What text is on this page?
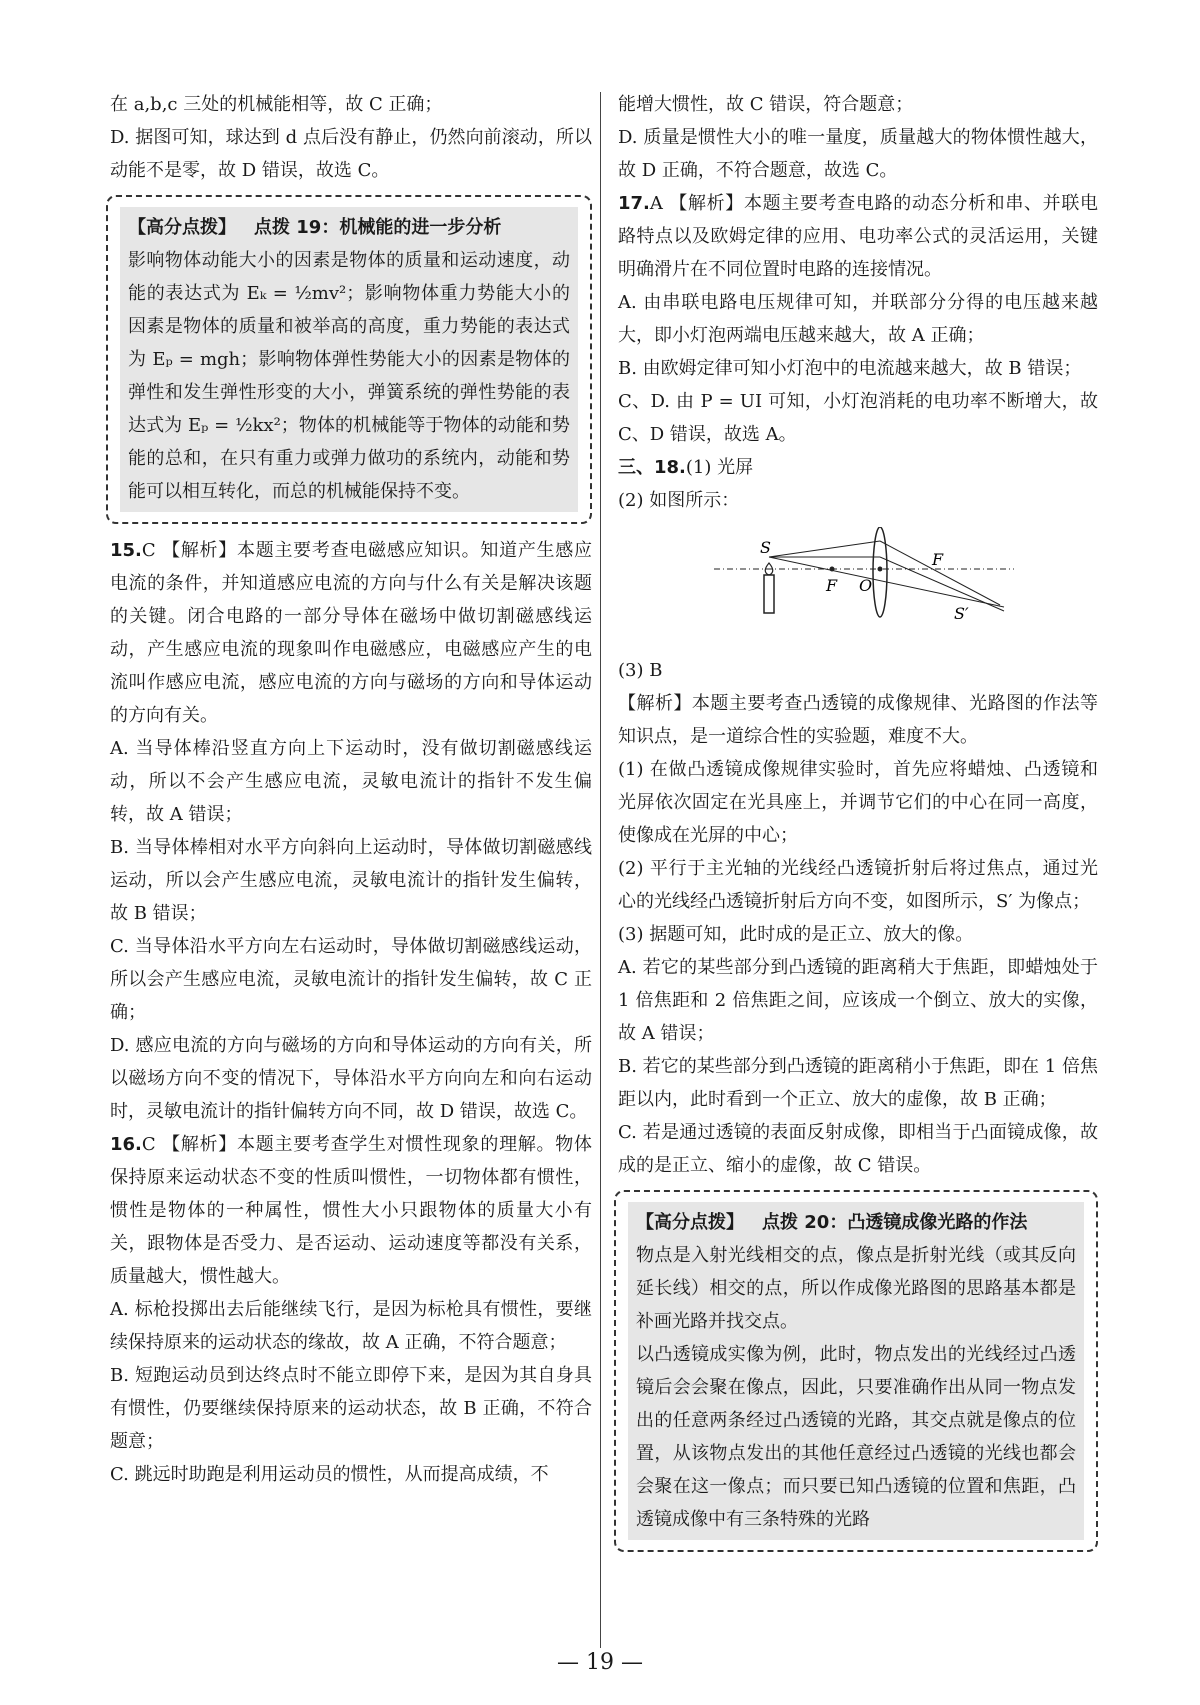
在 a,b,c 三处的机械能相等，故 C 正确；

D. 据图可知，球达到 d 点后没有静止，仍然向前滚动，所以动能不是零，故 D 错误，故选 C。

【高分点拨】 点拨 19：机械能的进一步分析

影响物体动能大小的因素是物体的质量和运动速度，动能的表达式为 Eₖ = ½mv²；影响物体重力势能大小的因素是物体的质量和被举高的高度，重力势能的表达式为 Eₚ = mgh；影响物体弹性势能大小的因素是物体的弹性和发生弹性形变的大小，弹簧系统的弹性势能的表达式为 Eₚ = ½kx²；物体的机械能等于物体的动能和势能的总和，在只有重力或弹力做功的系统内，动能和势能可以相互转化，而总的机械能保持不变。

15.C 【解析】本题主要考查电磁感应知识。知道产生感应电流的条件，并知道感应电流的方向与什么有关是解决该题的关键。闭合电路的一部分导体在磁场中做切割磁感线运动，产生感应电流的现象叫作电磁感应，电磁感应产生的电流叫作感应电流，感应电流的方向与磁场的方向和导体运动的方向有关。

A. 当导体棒沿竖直方向上下运动时，没有做切割磁感线运动，所以不会产生感应电流，灵敏电流计的指针不发生偏转，故 A 错误；

B. 当导体棒相对水平方向斜向上运动时，导体做切割磁感线运动，所以会产生感应电流，灵敏电流计的指针发生偏转，故 B 错误；

C. 当导体沿水平方向左右运动时，导体做切割磁感线运动，所以会产生感应电流，灵敏电流计的指针发生偏转，故 C 正确；

D. 感应电流的方向与磁场的方向和导体运动的方向有关，所以磁场方向不变的情况下，导体沿水平方向向左和向右运动时，灵敏电流计的指针偏转方向不同，故 D 错误，故选 C。

16.C 【解析】本题主要考查学生对惯性现象的理解。物体保持原来运动状态不变的性质叫惯性，一切物体都有惯性，惯性是物体的一种属性，惯性大小只跟物体的质量大小有关，跟物体是否受力、是否运动、运动速度等都没有关系，质量越大，惯性越大。

A. 标枪投掷出去后能继续飞行，是因为标枪具有惯性，要继续保持原来的运动状态的缘故，故 A 正确，不符合题意；

B. 短跑运动员到达终点时不能立即停下来，是因为其自身具有惯性，仍要继续保持原来的运动状态，故 B 正确，不符合题意；

C. 跳远时助跑是利用运动员的惯性，从而提高成绩，不

能增大惯性，故 C 错误，符合题意；

D. 质量是惯性大小的唯一量度，质量越大的物体惯性越大，故 D 正确，不符合题意，故选 C。

17.A 【解析】本题主要考查电路的动态分析和串、并联电路特点以及欧姆定律的应用、电功率公式的灵活运用，关键明确滑片在不同位置时电路的连接情况。

A. 由串联电路电压规律可知，并联部分分得的电压越来越大，即小灯泡两端电压越来越大，故 A 正确；

B. 由欧姆定律可知小灯泡中的电流越来越大，故 B 错误；

C、D. 由 P = UI 可知，小灯泡消耗的电功率不断增大，故 C、D 错误，故选 A。

三、18.(1) 光屏

(2) 如图所示：

S
F O
F
S′

(3) B

【解析】本题主要考查凸透镜的成像规律、光路图的作法等知识点，是一道综合性的实验题，难度不大。

(1) 在做凸透镜成像规律实验时，首先应将蜡烛、凸透镜和光屏依次固定在光具座上，并调节它们的中心在同一高度，使像成在光屏的中心；

(2) 平行于主光轴的光线经凸透镜折射后将过焦点，通过光心的光线经凸透镜折射后方向不变，如图所示，S′ 为像点；

(3) 据题可知，此时成的是正立、放大的像。

A. 若它的某些部分到凸透镜的距离稍大于焦距，即蜡烛处于 1 倍焦距和 2 倍焦距之间，应该成一个倒立、放大的实像，故 A 错误；

B. 若它的某些部分到凸透镜的距离稍小于焦距，即在 1 倍焦距以内，此时看到一个正立、放大的虚像，故 B 正确；

C. 若是通过透镜的表面反射成像，即相当于凸面镜成像，故成的是正立、缩小的虚像，故 C 错误。

【高分点拨】 点拨 20：凸透镜成像光路的作法

物点是入射光线相交的点，像点是折射光线（或其反向延长线）相交的点，所以作成像光路图的思路基本都是补画光路并找交点。

以凸透镜成实像为例，此时，物点发出的光线经过凸透镜后会会聚在像点，因此，只要准确作出从同一物点发出的任意两条经过凸透镜的光路，其交点就是像点的位置，从该物点发出的其他任意经过凸透镜的光线也都会会聚在这一像点；而只要已知凸透镜的位置和焦距，凸透镜成像中有三条特殊的光路

— 19 —
